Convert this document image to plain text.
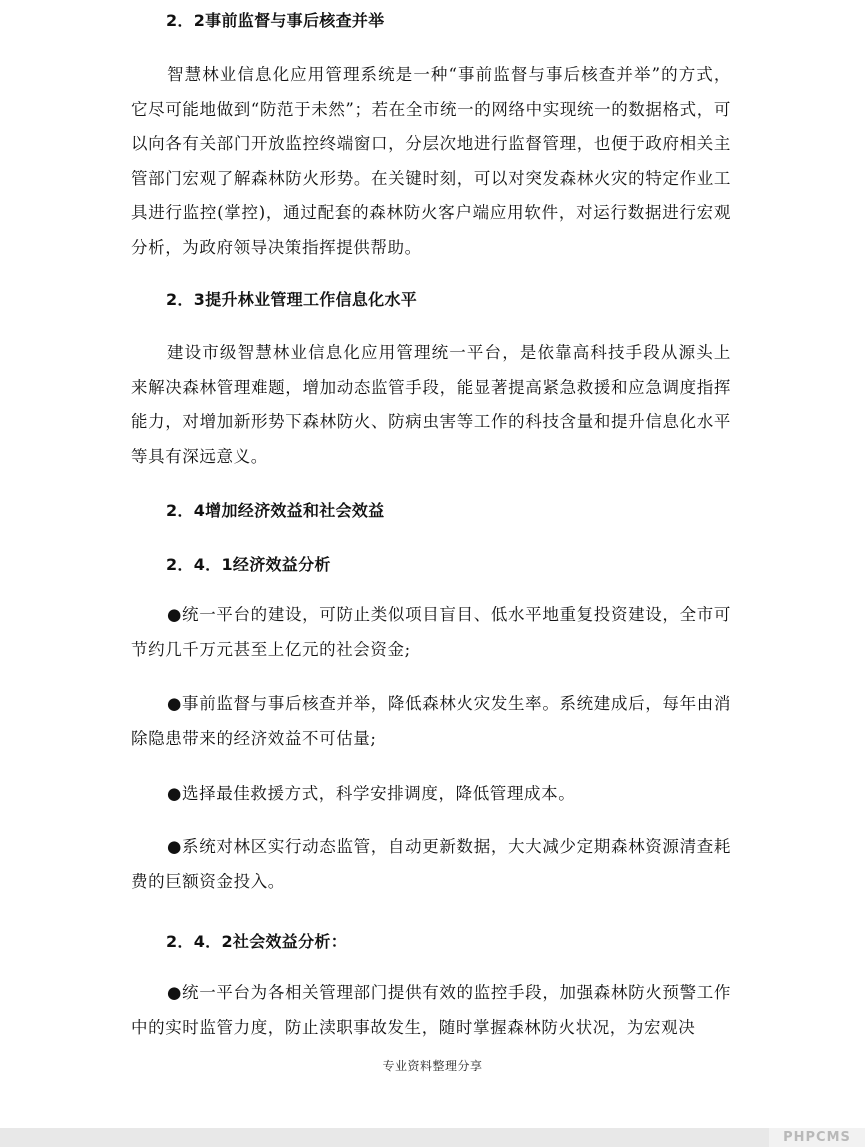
2．2事前监督与事后核查并举
智慧林业信息化应用管理系统是一种“事前监督与事后核查并举”的方式，它尽可能地做到“防范于未然”；若在全市统一的网络中实现统一的数据格式，可以向各有关部门开放监控终端窗口，分层次地进行监督管理，也便于政府相关主管部门宏观了解森林防火形势。在关键时刻，可以对突发森林火灾的特定作业工具进行监控(掌控)，通过配套的森林防火客户端应用软件，对运行数据进行宏观分析，为政府领导决策指挥提供帮助。
2．3提升林业管理工作信息化水平
建设市级智慧林业信息化应用管理统一平台，是依靠高科技手段从源头上来解决森林管理难题，增加动态监管手段，能显著提高紧急救援和应急调度指挥能力，对增加新形势下森林防火、防病虫害等工作的科技含量和提升信息化水平等具有深远意义。
2．4增加经济效益和社会效益
2．4．1经济效益分析
●统一平台的建设，可防止类似项目盲目、低水平地重复投资建设，全市可节约几千万元甚至上亿元的社会资金;
●事前监督与事后核查并举，降低森林火灾发生率。系统建成后，每年由消除隐患带来的经济效益不可估量;
●选择最佳救援方式，科学安排调度，降低管理成本。
●系统对林区实行动态监管，自动更新数据，大大减少定期森林资源清查耗费的巨额资金投入。
2．4．2社会效益分析：
●统一平台为各相关管理部门提供有效的监控手段，加强森林防火预警工作中的实时监管力度，防止渎职事故发生，随时掌握森林防火状况，为宏观决
专业资料整理分享
PHPCMS
